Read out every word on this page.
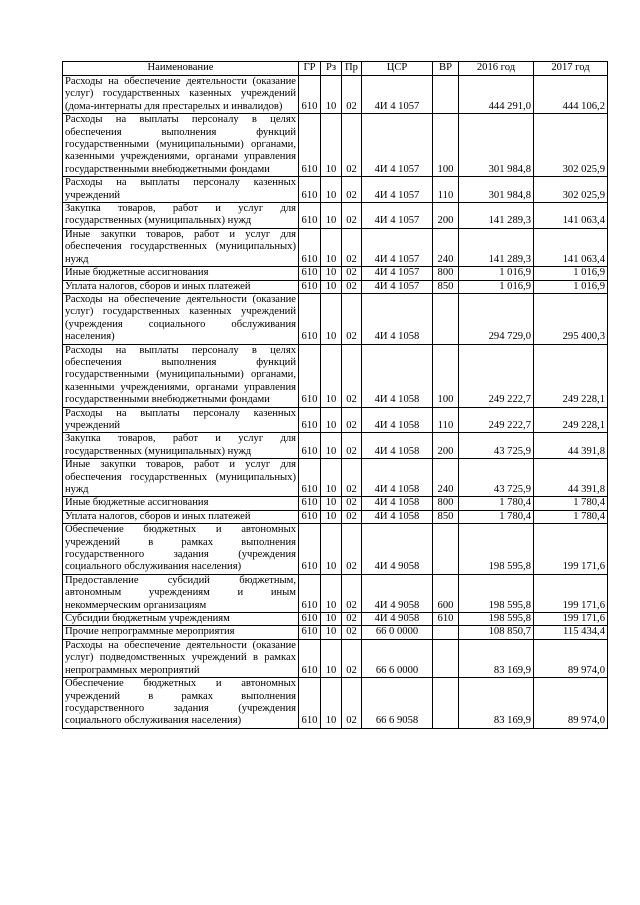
Наименование	ГР	Рз	Пр	ЦСР	ВР	2016 год	2017 год
Расходы на обеспечение деятельности (оказание услуг) государственных казенных учреждений (дома-интернаты для престарелых и инвалидов)	610	10	02	4И 4 1057		444 291,0	444 106,2
Расходы на выплаты персоналу в целях обеспечения выполнения функций государственными (муниципальными) органами, казенными учреждениями, органами управления государственными внебюджетными фондами	610	10	02	4И 4 1057	100	301 984,8	302 025,9
Расходы на выплаты персоналу казенных учреждений	610	10	02	4И 4 1057	110	301 984,8	302 025,9
Закупка товаров, работ и услуг для государственных (муниципальных) нужд	610	10	02	4И 4 1057	200	141 289,3	141 063,4
Иные закупки товаров, работ и услуг для обеспечения государственных (муниципальных) нужд	610	10	02	4И 4 1057	240	141 289,3	141 063,4
Иные бюджетные ассигнования	610	10	02	4И 4 1057	800	1 016,9	1 016,9
Уплата налогов, сборов и иных платежей	610	10	02	4И 4 1057	850	1 016,9	1 016,9
Расходы на обеспечение деятельности (оказание услуг) государственных казенных учреждений (учреждения социального обслуживания населения)	610	10	02	4И 4 1058		294 729,0	295 400,3
Расходы на выплаты персоналу в целях обеспечения выполнения функций государственными (муниципальными) органами, казенными учреждениями, органами управления государственными внебюджетными фондами	610	10	02	4И 4 1058	100	249 222,7	249 228,1
Расходы на выплаты персоналу казенных учреждений	610	10	02	4И 4 1058	110	249 222,7	249 228,1
Закупка товаров, работ и услуг для государственных (муниципальных) нужд	610	10	02	4И 4 1058	200	43 725,9	44 391,8
Иные закупки товаров, работ и услуг для обеспечения государственных (муниципальных) нужд	610	10	02	4И 4 1058	240	43 725,9	44 391,8
Иные бюджетные ассигнования	610	10	02	4И 4 1058	800	1 780,4	1 780,4
Уплата налогов, сборов и иных платежей	610	10	02	4И 4 1058	850	1 780,4	1 780,4
Обеспечение бюджетных и автономных учреждений в рамках выполнения государственного задания (учреждения социального обслуживания населения)	610	10	02	4И 4 9058		198 595,8	199 171,6
Предоставление субсидий бюджетным, автономным учреждениям и иным некоммерческим организациям	610	10	02	4И 4 9058	600	198 595,8	199 171,6
Субсидии бюджетным учреждениям	610	10	02	4И 4 9058	610	198 595,8	199 171,6
Прочие непрограммные мероприятия	610	10	02	66 0 0000		108 850,7	115 434,4
Расходы на обеспечение деятельности (оказание услуг) подведомственных учреждений в рамках непрограммных мероприятий	610	10	02	66 6 0000		83 169,9	89 974,0
Обеспечение бюджетных и автономных учреждений в рамках выполнения государственного задания (учреждения социального обслуживания населения)	610	10	02	66 6 9058		83 169,9	89 974,0
